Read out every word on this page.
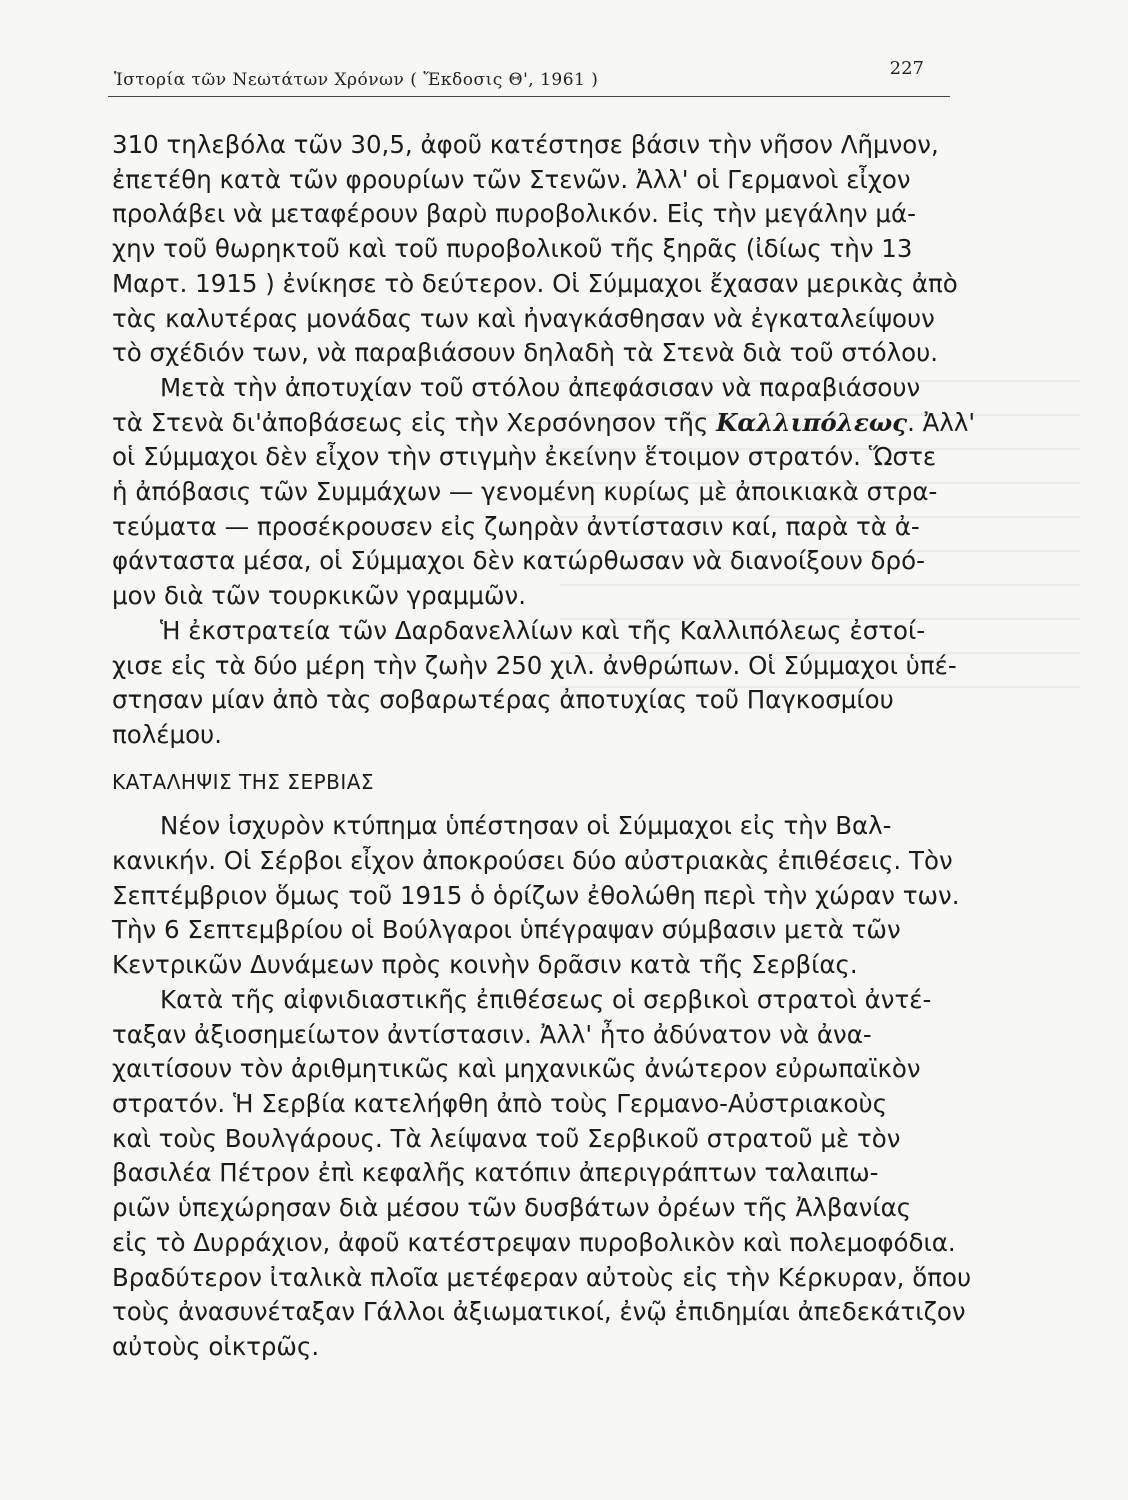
Ἱστορία τῶν Νεωτάτων Χρόνων ( Ἔκδοσις Θ', 1961 )
227
310 τηλεβόλα τῶν 30,5, ἀφοῦ κατέστησε βάσιν τὴν νῆσον Λῆμνον,
ἐπετέθη κατὰ τῶν φρουρίων τῶν Στενῶν. Ἀλλ' οἱ Γερμανοὶ εἶχον
προλάβει νὰ μεταφέρουν βαρὺ πυροβολικόν. Εἰς τὴν μεγάλην μά-
χην τοῦ θωρηκτοῦ καὶ τοῦ πυροβολικοῦ τῆς ξηρᾶς (ἰδίως τὴν 13
Μαρτ. 1915 ) ἐνίκησε τὸ δεύτερον. Οἱ Σύμμαχοι ἔχασαν μερικὰς ἀπὸ
τὰς καλυτέρας μονάδας των καὶ ἠναγκάσθησαν νὰ ἐγκαταλείψουν
τὸ σχέδιόν των, νὰ παραβιάσουν δηλαδὴ τὰ Στενὰ διὰ τοῦ στόλου.
Μετὰ τὴν ἀποτυχίαν τοῦ στόλου ἀπεφάσισαν νὰ παραβιάσουν
τὰ Στενὰ δι'ἀποβάσεως εἰς τὴν Χερσόνησον τῆς Καλλιπόλεως. Ἀλλ'
οἱ Σύμμαχοι δὲν εἶχον τὴν στιγμὴν ἐκείνην ἕτοιμον στρατόν. Ὥστε
ἡ ἀπόβασις τῶν Συμμάχων — γενομένη κυρίως μὲ ἀποικιακὰ στρα-
τεύματα — προσέκρουσεν εἰς ζωηρὰν ἀντίστασιν καί, παρὰ τὰ ἀ-
φάνταστα μέσα, οἱ Σύμμαχοι δὲν κατώρθωσαν νὰ διανοίξουν δρό-
μον διὰ τῶν τουρκικῶν γραμμῶν.
Ἡ ἐκστρατεία τῶν Δαρδανελλίων καὶ τῆς Καλλιπόλεως ἐστοί-
χισε εἰς τὰ δύο μέρη τὴν ζωὴν 250 χιλ. ἀνθρώπων. Οἱ Σύμμαχοι ὑπέ-
στησαν μίαν ἀπὸ τὰς σοβαρωτέρας ἀποτυχίας τοῦ Παγκοσμίου
πολέμου.
ΚΑΤΑΛΗΨΙΣ ΤΗΣ ΣΕΡΒΙΑΣ
Νέον ἰσχυρὸν κτύπημα ὑπέστησαν οἱ Σύμμαχοι εἰς τὴν Βαλ-
κανικήν. Οἱ Σέρβοι εἶχον ἀποκρούσει δύο αὐστριακὰς ἐπιθέσεις. Τὸν
Σεπτέμβριον ὅμως τοῦ 1915 ὁ ὁρίζων ἐθολώθη περὶ τὴν χώραν των.
Τὴν 6 Σεπτεμβρίου οἱ Βούλγαροι ὑπέγραψαν σύμβασιν μετὰ τῶν
Κεντρικῶν Δυνάμεων πρὸς κοινὴν δρᾶσιν κατὰ τῆς Σερβίας.
Κατὰ τῆς αἰφνιδιαστικῆς ἐπιθέσεως οἱ σερβικοὶ στρατοὶ ἀντέ-
ταξαν ἀξιοσημείωτον ἀντίστασιν. Ἀλλ' ἦτο ἀδύνατον νὰ ἀνα-
χαιτίσουν τὸν ἀριθμητικῶς καὶ μηχανικῶς ἀνώτερον εὐρωπαϊκὸν
στρατόν. Ἡ Σερβία κατελήφθη ἀπὸ τοὺς Γερμανο-Αὐστριακοὺς
καὶ τοὺς Βουλγάρους. Τὰ λείψανα τοῦ Σερβικοῦ στρατοῦ μὲ τὸν
βασιλέα Πέτρον ἐπὶ κεφαλῆς κατόπιν ἀπεριγράπτων ταλαιπω-
ριῶν ὑπεχώρησαν διὰ μέσου τῶν δυσβάτων ὀρέων τῆς Ἀλβανίας
εἰς τὸ Δυρράχιον, ἀφοῦ κατέστρεψαν πυροβολικὸν καὶ πολεμοφόδια.
Βραδύτερον ἰταλικὰ πλοῖα μετέφεραν αὐτοὺς εἰς τὴν Κέρκυραν, ὅπου
τοὺς ἀνασυνέταξαν Γάλλοι ἀξιωματικοί, ἐνῷ ἐπιδημίαι ἀπεδεκάτιζον
αὐτοὺς οἰκτρῶς.
